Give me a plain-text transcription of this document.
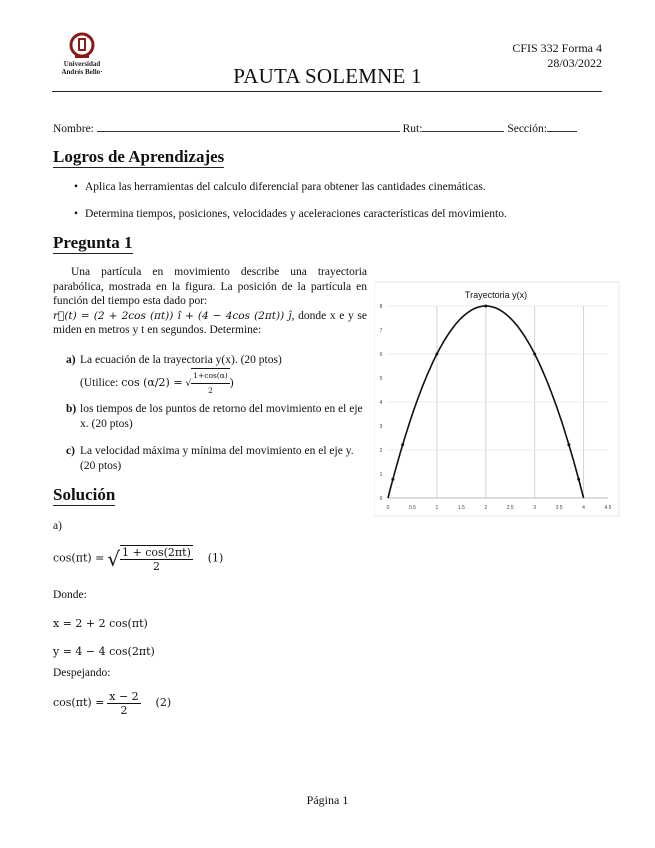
Universidad
Andrés Bello·	PAUTA SOLEMNE 1
CFIS 332 Forma 4
28/03/2022
Nombre:	Rut:	Sección:
Logros de Aprendizajes
• Aplica las herramientas del calculo diferencial para obtener las cantidades cinemáticas.
• Determina tiempos, posiciones, velocidades y aceleraciones características del movimiento.
Pregunta 1
Una partícula en movimiento describe una trayectoria parabólica, mostrada en la figura. La posición de la partícula en función del tiempo esta dado por:
r⃗(t) = (2 + 2cos (πt)) î + (4 − 4cos (2πt)) ĵ, donde x e y se miden en metros y t en segundos. Determine:
a) La ecuación de la trayectoria y(x). (20 ptos)
(Utilice: cos (α/2) = √ $\frac{1+\cos(\alpha)}{2}$ )
b) los tiempos de los puntos de retorno del movimiento en el eje x. (20 ptos)
c) La velocidad máxima y mínima del movimiento en el eje y. (20 ptos)
0	0.5	1	1.5	2	2.5	3	3.5	4	4.5
0
1
2
3
4
5
6
7
8
Trayectoria y(x)
Solución
a)
cos(πt) = √ $\frac{1 + \cos(2\pi t)}{2} (1)$
Donde:
x = 2 + 2 cos(πt)
y = 4 − 4 cos(2πt)
Despejando:
$\cos(\pi t) = \frac{x - 2}{2} (2)$
Página 1
